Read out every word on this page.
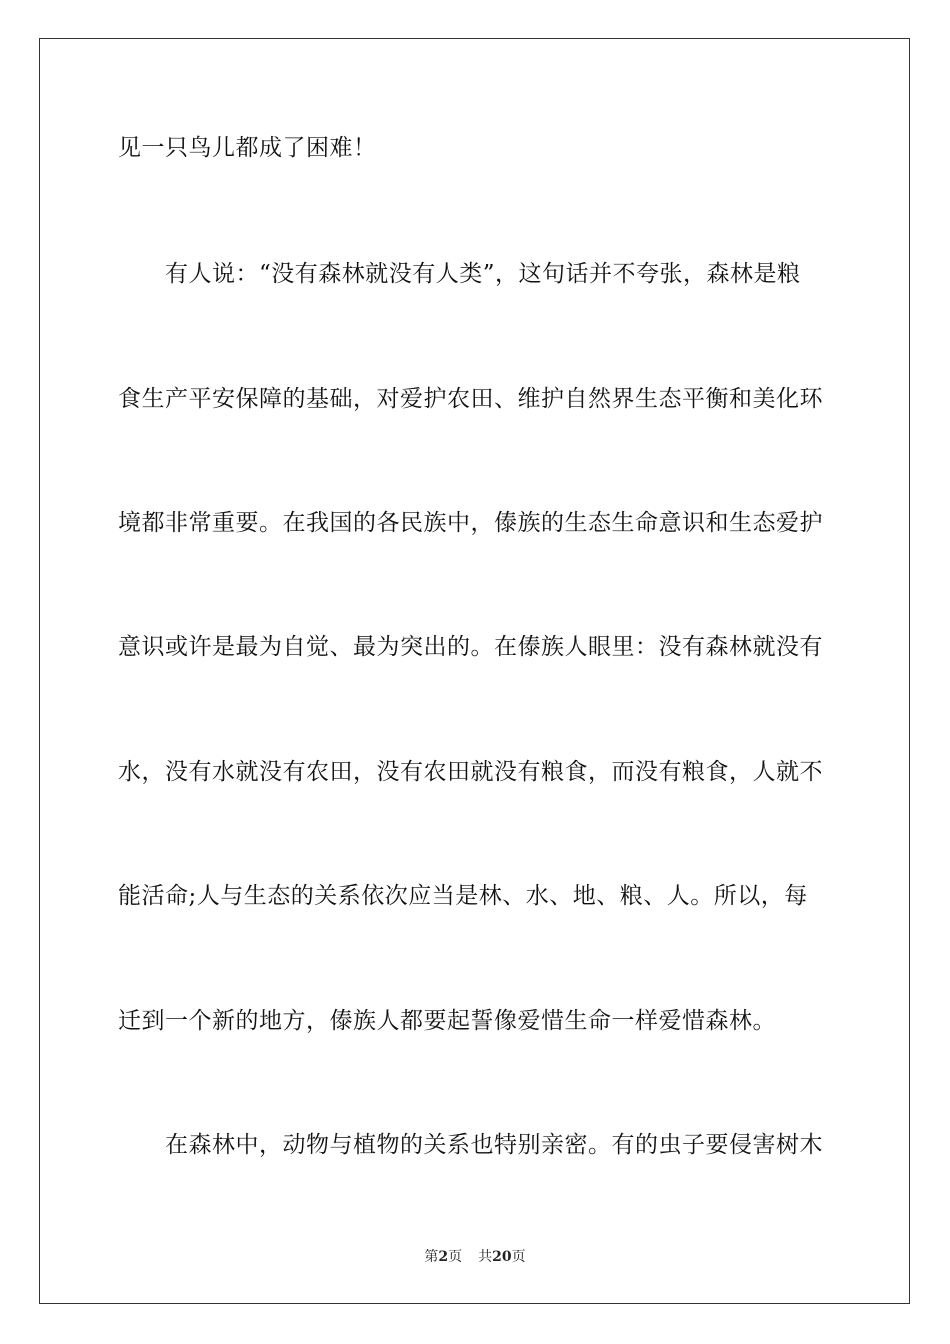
见一只鸟儿都成了困难！
有人说：“没有森林就没有人类”，这句话并不夸张，森林是粮
食生产平安保障的基础，对爱护农田、维护自然界生态平衡和美化环
境都非常重要。在我国的各民族中，傣族的生态生命意识和生态爱护
意识或许是最为自觉、最为突出的。在傣族人眼里：没有森林就没有
水，没有水就没有农田，没有农田就没有粮食，而没有粮食，人就不
能活命;人与生态的关系依次应当是林、水、地、粮、人。所以，每
迁到一个新的地方，傣族人都要起誓像爱惜生命一样爱惜森林。
在森林中，动物与植物的关系也特别亲密。有的虫子要侵害树木
第2页 共20页
